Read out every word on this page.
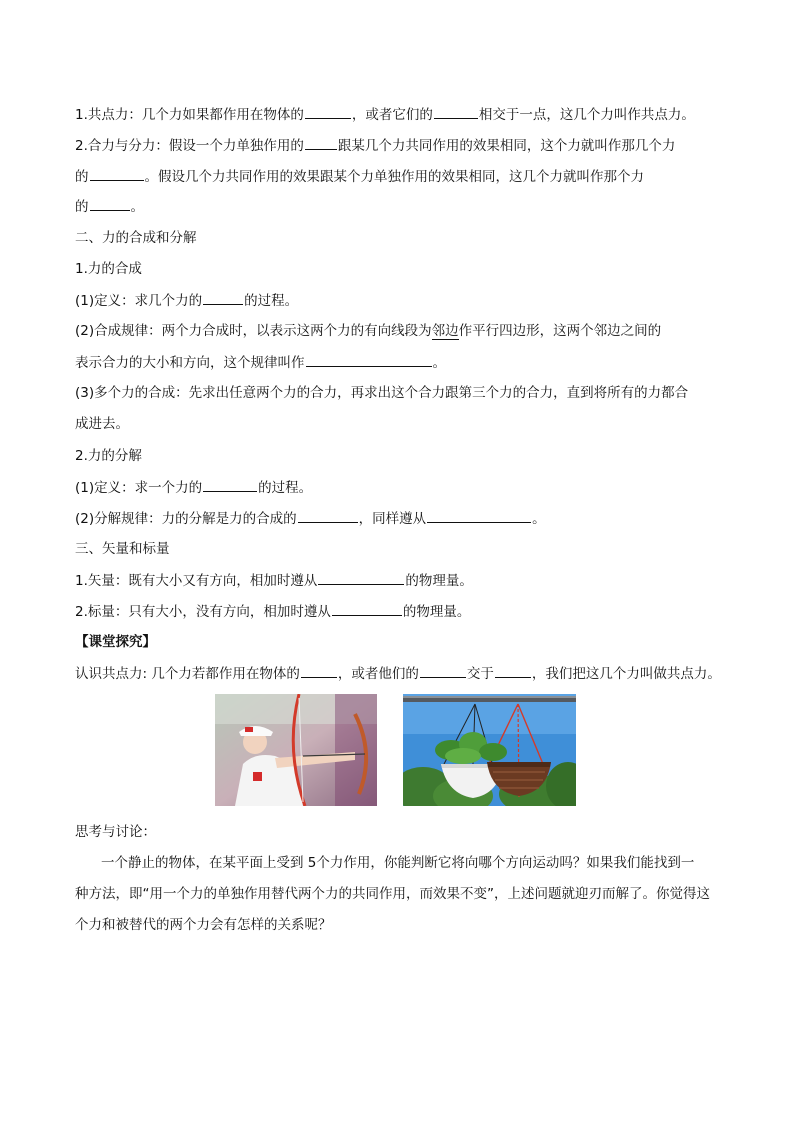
1.共点力：几个力如果都作用在物体的	，或者它们的	相交于一点，这几个力叫作共点力。
2.合力与分力：假设一个力单独作用的	跟某几个力共同作用的效果相同，这个力就叫作那几个力
的	。假设几个力共同作用的效果跟某个力单独作用的效果相同，这几个力就叫作那个力
的	。
二、力的合成和分解
1.力的合成
(1)定义：求几个力的	的过程。
(2)合成规律：两个力合成时，以表示这两个力的有向线段为邻边作平行四边形，这两个邻边之间的
表示合力的大小和方向，这个规律叫作	。
(3)多个力的合成：先求出任意两个力的合力，再求出这个合力跟第三个力的合力，直到将所有的力都合
成进去。
2.力的分解
(1)定义：求一个力的	的过程。
(2)分解规律：力的分解是力的合成的	，同样遵从	。
三、矢量和标量
1.矢量：既有大小又有方向，相加时遵从	的物理量。
2.标量：只有大小，没有方向，相加时遵从	的物理量。
【课堂探究】
认识共点力: 几个力若都作用在物体的	，或者他们的	交于	，我们把这几个力叫做共点力。
思考与讨论：
一个静止的物体，在某平面上受到 5个力作用，你能判断它将向哪个方向运动吗？如果我们能找到一
种方法，即“用一个力的单独作用替代两个力的共同作用，而效果不变”，上述问题就迎刃而解了。你觉得这
个力和被替代的两个力会有怎样的关系呢？
